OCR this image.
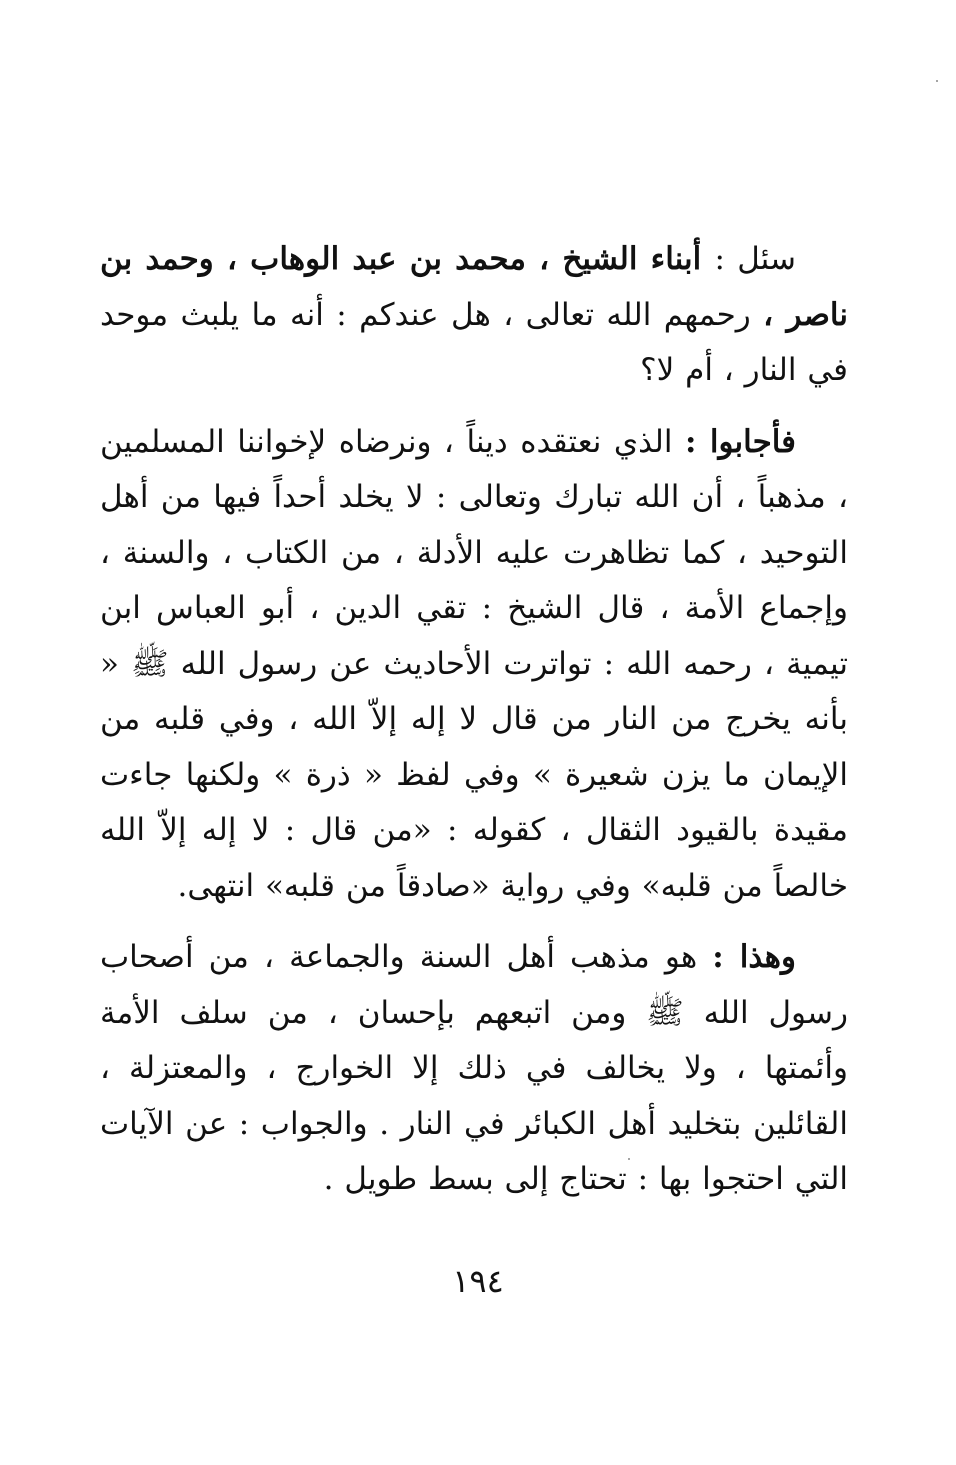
سئل : أبناء الشيخ ، محمد بن عبد الوهاب ، وحمد بن ناصر ، رحمهم الله تعالى ، هل عندكم : أنه ما يلبث موحد في النار ، أم لا؟

فأجابوا : الذي نعتقده ديناً ، ونرضاه لإخواننا المسلمين ، مذهباً ، أن الله تبارك وتعالى : لا يخلد أحداً فيها من أهل التوحيد ، كما تظاهرت عليه الأدلة ، من الكتاب ، والسنة ، وإجماع الأمة ، قال الشيخ : تقي الدين ، أبو العباس ابن تيمية ، رحمه الله : تواترت الأحاديث عن رسول الله ﷺ « بأنه يخرج من النار من قال لا إله إلاّ الله ، وفي قلبه من الإيمان ما يزن شعيرة » وفي لفظ « ذرة » ولكنها جاءت مقيدة بالقيود الثقال ، كقوله : «من قال : لا إله إلاّ الله خالصاً من قلبه» وفي رواية «صادقاً من قلبه» انتهى.

وهذا : هو مذهب أهل السنة والجماعة ، من أصحاب رسول الله ﷺ ومن اتبعهم بإحسان ، من سلف الأمة وأئمتها ، ولا يخالف في ذلك إلا الخوارج ، والمعتزلة ، القائلين بتخليد أهل الكبائر في النار . والجواب : عن الآيات التي احتجوا بها : تحتاج إلى بسط طويل .

١٩٤
